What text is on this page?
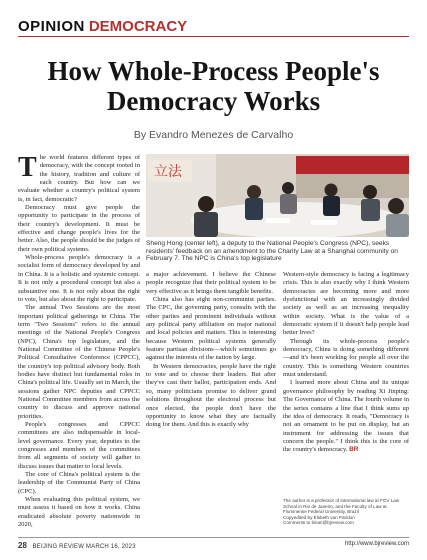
OPINION DEMOCRACY
How Whole-Process People's
Democracy Works
By Evandro Menezes de Carvalho

The world features different types of democracy, with the concept rooted in the history, tradition and culture of each country. But how can we evaluate whether a country's political system is, in fact, democratic?

Democracy must give people the opportunity to participate in the process of their country's development. It must be effective and change people's lives for the better. Also, the people should be the judges of their own political systems.

Whole-process people's democracy is a socialist form of democracy developed by and in China. It is a holistic and systemic concept. It is not only a procedural concept but also a substantive one. It is not only about the right to vote, but also about the right to participate.

The annual Two Sessions are the most important political gatherings in China. The term "Two Sessions" refers to the annual meetings of the National People's Congress (NPC), China's top legislature, and the National Committee of the Chinese People's Political Consultative Conference (CPPCC), the country's top political advisory body. Both bodies have distinct but fundamental roles in China's political life. Usually set in March, the sessions gather NPC deputies and CPPCC National Committee members from across the country to discuss and approve national priorities.

People's congresses and CPPCC committees are also indispensable in local-level governance. Every year, deputies to the congresses and members of the committees from all segments of society will gather to discuss issues that matter to local levels.

The core of China's political system is the leadership of the Communist Party of China (CPC).

When evaluating this political system, we must assess it based on how it works. China eradicated absolute poverty nationwide in 2020,

立法
Sheng Hong (center left), a deputy to the National People's Congress (NPC), seeks residents' feedback on an amendment to the Charity Law at a Shanghai community on February 7. The NPC is China's top legislature

a major achievement. I believe the Chinese people recognize that their political system to be very effective as it brings them tangible benefits.

China also has eight non-communist parties. The CPC, the governing party, consults with the other parties and prominent individuals without any political party affiliation on major national and local policies and matters. This is interesting because Western political systems generally feature partisan divisions—which sometimes go against the interests of the nation by large.

In Western democracies, people have the right to vote and to choose their leaders. But after they've cast their ballot, participation ends. And so, many politicians promise to deliver grand solutions throughout the electoral process but once elected, the people don't have the opportunity to know what they are factually doing for them. And this is exactly why

Western-style democracy is facing a legitimacy crisis. This is also exactly why I think Western democracies are becoming more and more dysfunctional with an increasingly divided society as well as an increasing inequality within society. What is the value of a democratic system if it doesn't help people lead better lives?

Through its whole-process people's democracy, China is doing something different—and it's been working for people all over the country. This is something Western countries must understand.

I learned more about China and its unique governance philosophy by reading Xi Jinping: The Governance of China. The fourth volume in the series contains a line that I think sums up the idea of democracy. It reads, "Democracy is not an ornament to be put on display, but an instrument for addressing the issues that concern the people." I think this is the core of the country's democracy. BR

The author is a professor of international law at FGV Law School in Rio de Janeiro, and the Faculty of Law at Fluminense Federal University, Brazil
Copyedited by Elsbeth van Paridon
Comments to liman@bjreview.com
28 BEIJING REVIEW MARCH 16, 2023	http://www.bjreview.com
